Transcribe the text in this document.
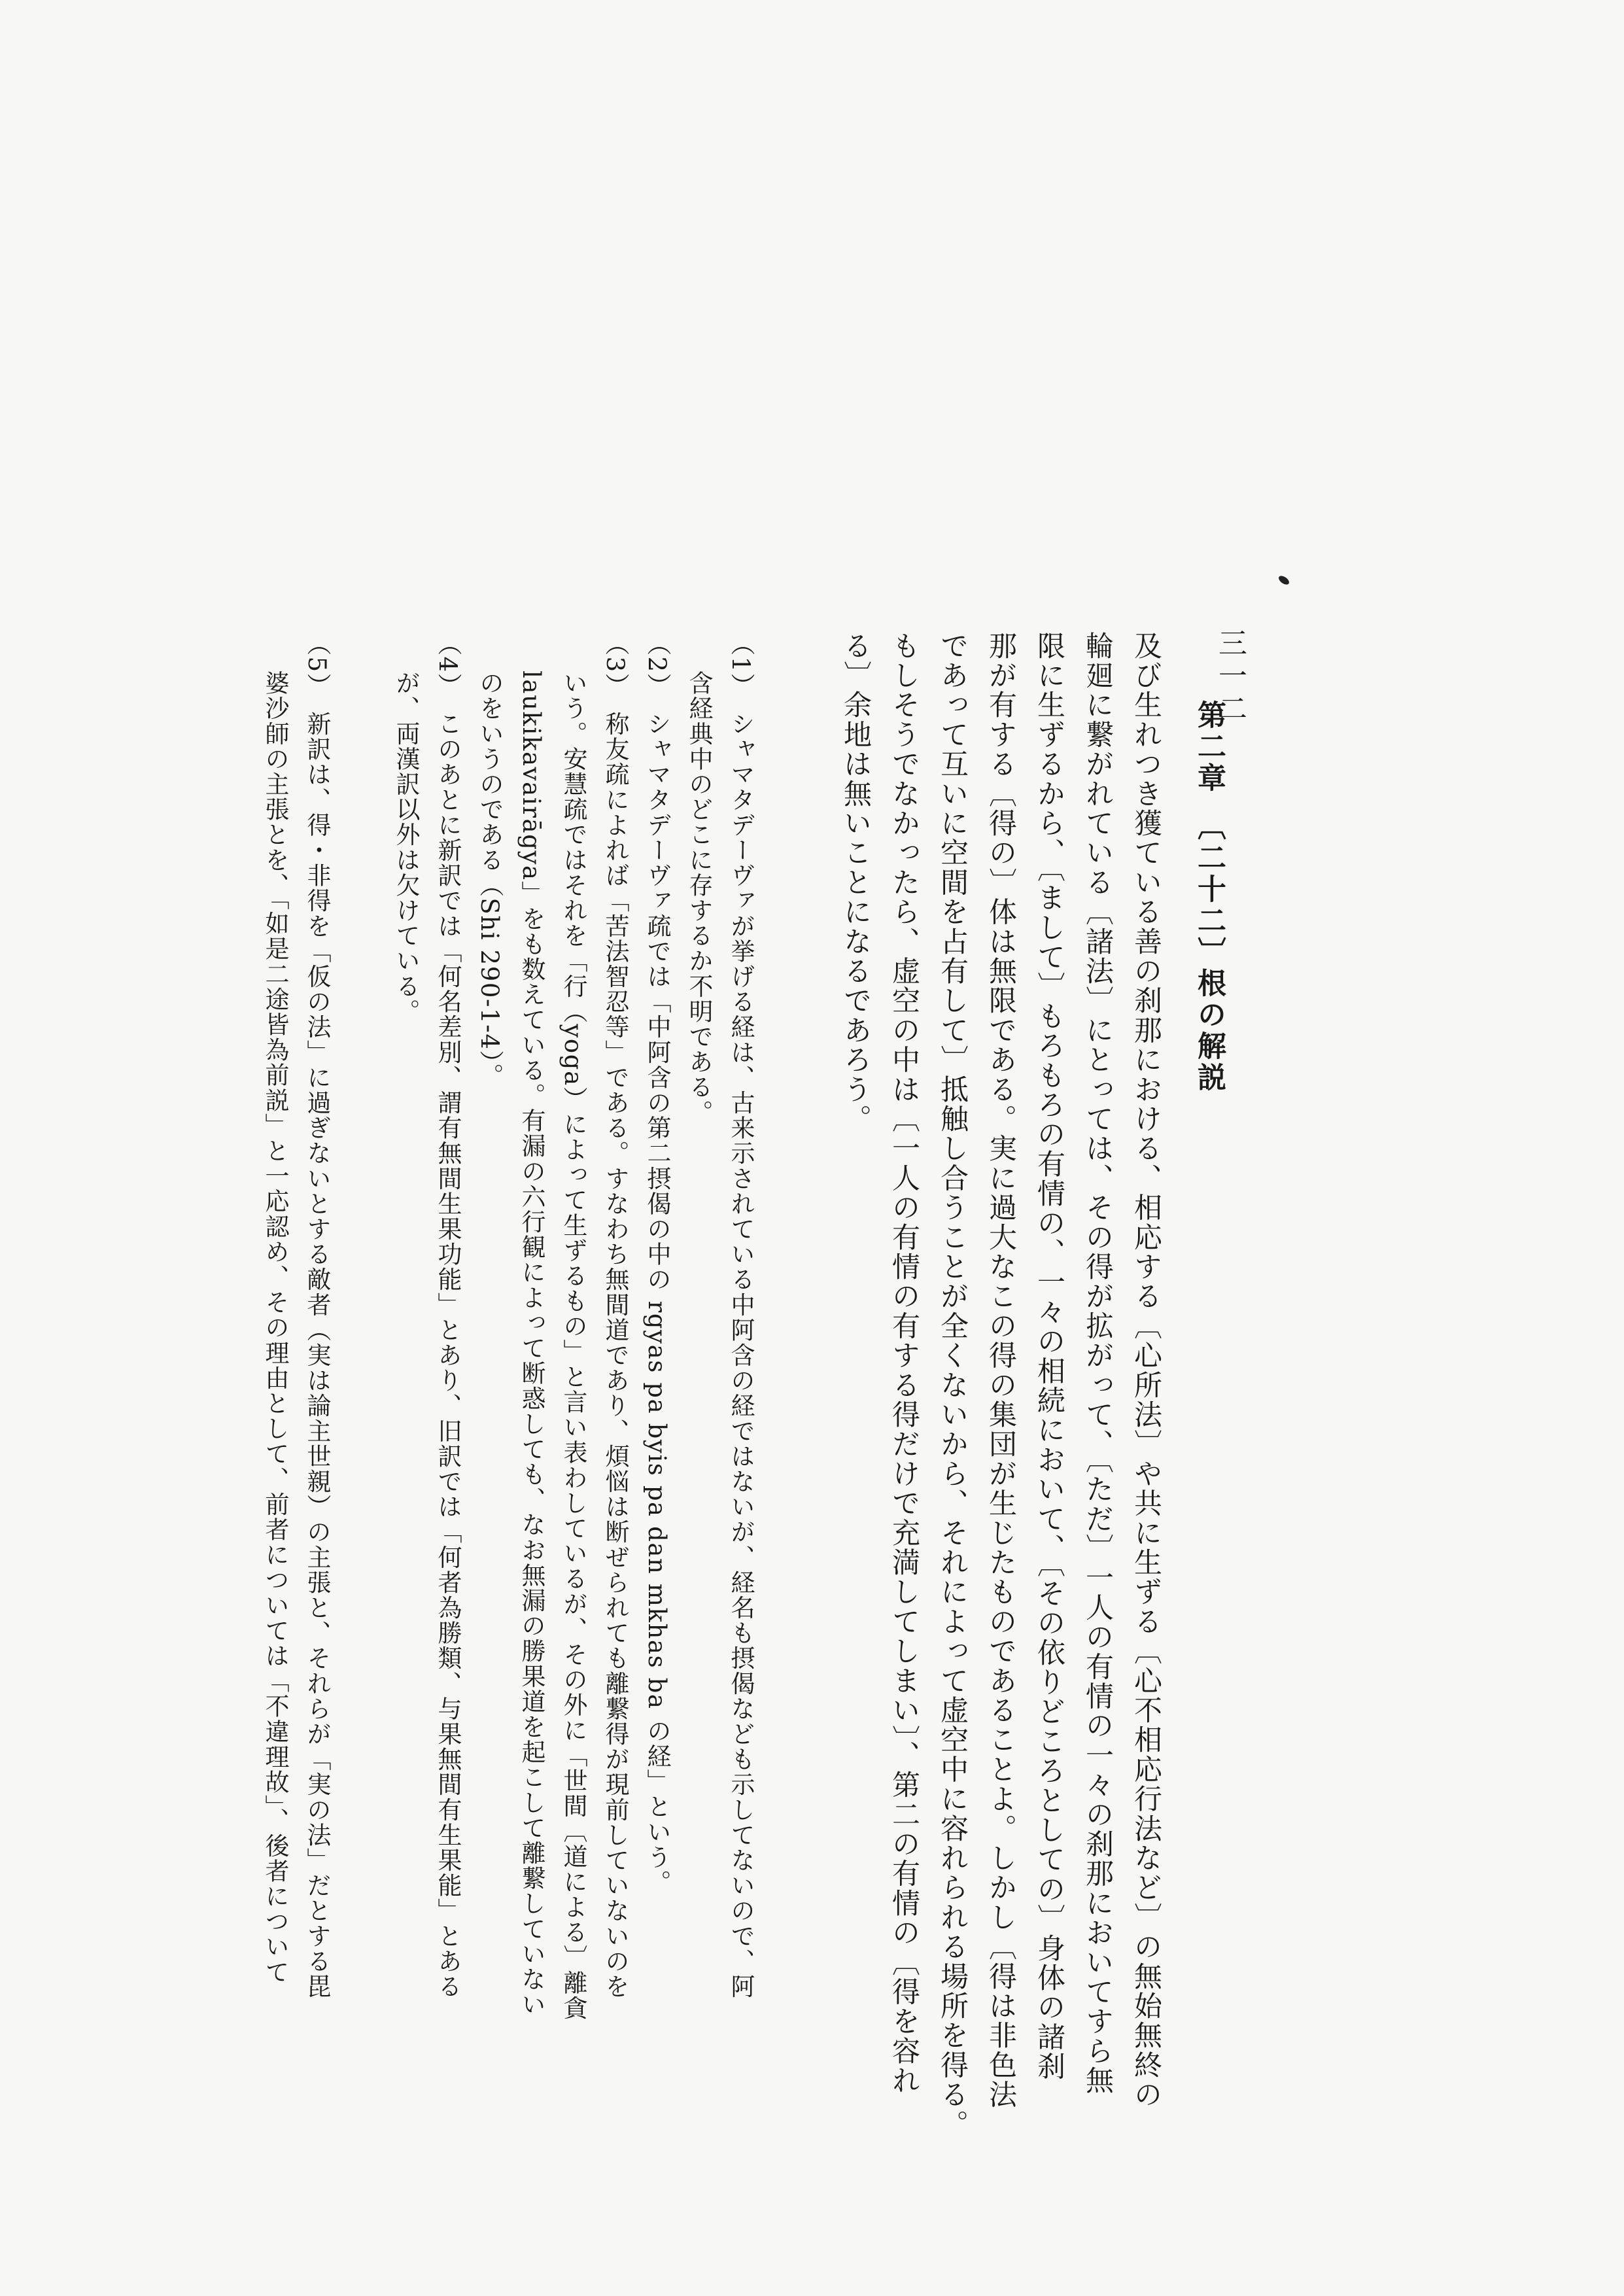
三一二
第二章　〔二十二〕根の解説
及び生れつき獲ている善の刹那における、相応する〔心所法〕や共に生ずる〔心不相応行法など〕の無始無終の
輪廻に繋がれている〔諸法〕にとっては、その得が拡がって、〔ただ〕一人の有情の一々の刹那においてすら無
限に生ずるから、〔まして〕もろもろの有情の、一々の相続において、〔その依りどころとしての〕身体の諸刹
那が有する〔得の〕体は無限である。実に過大なこの得の集団が生じたものであることよ。しかし〔得は非色法
であって互いに空間を占有して〕抵触し合うことが全くないから、それによって虚空中に容れられる場所を得る。
もしそうでなかったら、虚空の中は〔一人の有情の有する得だけで充満してしまい〕、第二の有情の〔得を容れ
る〕余地は無いことになるであろう。
（1）　シャマタデーヴァが挙げる経は、古来示されている中阿含の経ではないが、経名も摂偈なども示してないので、阿
含経典中のどこに存するか不明である。
（2）　シャマタデーヴァ疏では「中阿含の第二摂偈の中の rgyas pa byis pa dan mkhas ba の経」という。
（3）　称友疏によれば「苦法智忍等」である。すなわち無間道であり、煩悩は断ぜられても離繋得が現前していないのを
いう。安慧疏ではそれを「行（yoga）によって生ずるもの」と言い表わしているが、その外に「世間〔道による〕離貪
laukikavairāgya」をも数えている。有漏の六行観によって断惑しても、なお無漏の勝果道を起こして離繋していない
のをいうのである（Shi 290-1-4）。
（4）　このあとに新訳では「何名差別、謂有無間生果功能」とあり、旧訳では「何者為勝類、与果無間有生果能」とある
が、両漢訳以外は欠けている。
（5）　新訳は、得・非得を「仮の法」に過ぎないとする敵者（実は論主世親）の主張と、それらが「実の法」だとする毘
婆沙師の主張とを、「如是二途皆為前説」と一応認め、その理由として、前者については「不違理故」、後者について
